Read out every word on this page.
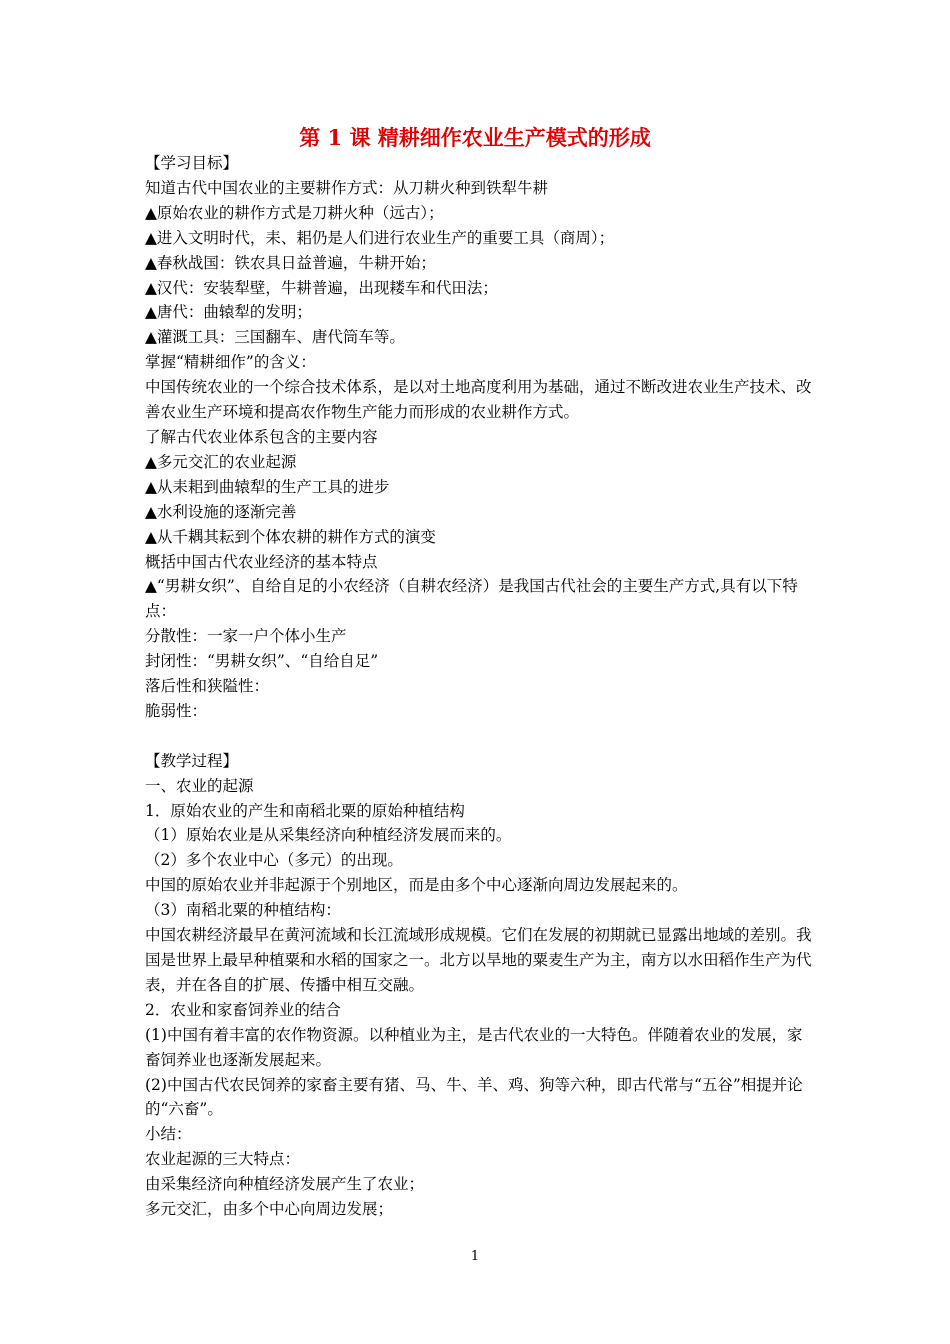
第 1 课 精耕细作农业生产模式的形成

【学习目标】

知道古代中国农业的主要耕作方式：从刀耕火种到铁犁牛耕

▲原始农业的耕作方式是刀耕火种（远古）；

▲进入文明时代，耒、耜仍是人们进行农业生产的重要工具（商周）；

▲春秋战国：铁农具日益普遍，牛耕开始；

▲汉代：安装犁壁，牛耕普遍，出现耧车和代田法；

▲唐代：曲辕犁的发明；

▲灌溉工具：三国翻车、唐代筒车等。

掌握“精耕细作”的含义：

中国传统农业的一个综合技术体系，是以对土地高度利用为基础，通过不断改进农业生产技术、改善农业生产环境和提高农作物生产能力而形成的农业耕作方式。

了解古代农业体系包含的主要内容

▲多元交汇的农业起源

▲从耒耜到曲辕犁的生产工具的进步

▲水利设施的逐渐完善

▲从千耦其耘到个体农耕的耕作方式的演变

概括中国古代农业经济的基本特点

▲“男耕女织”、自给自足的小农经济（自耕农经济）是我国古代社会的主要生产方式,具有以下特点：

分散性：一家一户个体小生产

封闭性：“男耕女织”、“自给自足”

落后性和狭隘性：

脆弱性：

【教学过程】

一、农业的起源

1．原始农业的产生和南稻北粟的原始种植结构

（1）原始农业是从采集经济向种植经济发展而来的。

（2）多个农业中心（多元）的出现。

中国的原始农业并非起源于个别地区，而是由多个中心逐渐向周边发展起来的。

（3）南稻北粟的种植结构：

中国农耕经济最早在黄河流域和长江流域形成规模。它们在发展的初期就已显露出地域的差别。我国是世界上最早种植粟和水稻的国家之一。北方以旱地的粟麦生产为主，南方以水田稻作生产为代表，并在各自的扩展、传播中相互交融。

2．农业和家畜饲养业的结合

(1)中国有着丰富的农作物资源。以种植业为主，是古代农业的一大特色。伴随着农业的发展，家畜饲养业也逐渐发展起来。

(2)中国古代农民饲养的家畜主要有猪、马、牛、羊、鸡、狗等六种，即古代常与“五谷”相提并论的“六畜”。

小结：

农业起源的三大特点：

由采集经济向种植经济发展产生了农业；

多元交汇，由多个中心向周边发展；

1
